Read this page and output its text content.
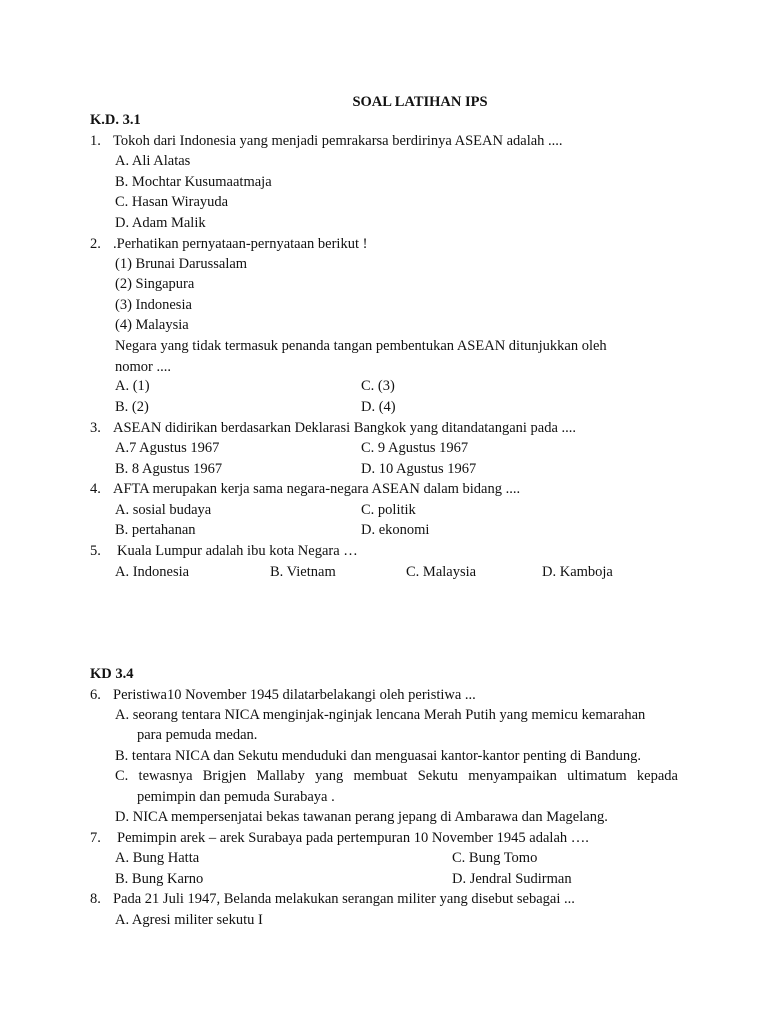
SOAL LATIHAN IPS
K.D. 3.1
1. Tokoh dari Indonesia yang menjadi pemrakarsa berdirinya ASEAN adalah ....
A. Ali Alatas
B. Mochtar Kusumaatmaja
C. Hasan Wirayuda
D. Adam Malik
2. .Perhatikan pernyataan-pernyataan berikut !
(1) Brunai Darussalam
(2) Singapura
(3) Indonesia
(4) Malaysia
Negara yang tidak termasuk penanda tangan pembentukan ASEAN ditunjukkan oleh
nomor ....
A. (1)	C. (3)
B. (2)	D. (4)
3. ASEAN didirikan berdasarkan Deklarasi Bangkok yang ditandatangani pada ....
A.7 Agustus 1967	C. 9 Agustus 1967
B. 8 Agustus 1967	D. 10 Agustus 1967
4. AFTA merupakan kerja sama negara-negara ASEAN dalam bidang ....
A. sosial budaya	C. politik
B. pertahanan	D. ekonomi
5. Kuala Lumpur adalah ibu kota Negara …
A. Indonesia	B. Vietnam	C. Malaysia	D. Kamboja
KD 3.4
6. Peristiwa10 November 1945 dilatarbelakangi oleh peristiwa ...
A. seorang tentara NICA menginjak-nginjak lencana Merah Putih yang memicu kemarahan
para pemuda medan.
B. tentara NICA dan Sekutu menduduki dan menguasai kantor-kantor penting di Bandung.
C. tewasnya Brigjen Mallaby yang membuat Sekutu menyampaikan ultimatum kepada
pemimpin dan pemuda Surabaya .
D. NICA mempersenjatai bekas tawanan perang jepang di Ambarawa dan Magelang.
7. Pemimpin arek – arek Surabaya pada pertempuran 10 November 1945 adalah ….
A. Bung Hatta	C. Bung Tomo
B. Bung Karno	D. Jendral Sudirman
8. Pada 21 Juli 1947, Belanda melakukan serangan militer yang disebut sebagai ...
A. Agresi militer sekutu I
